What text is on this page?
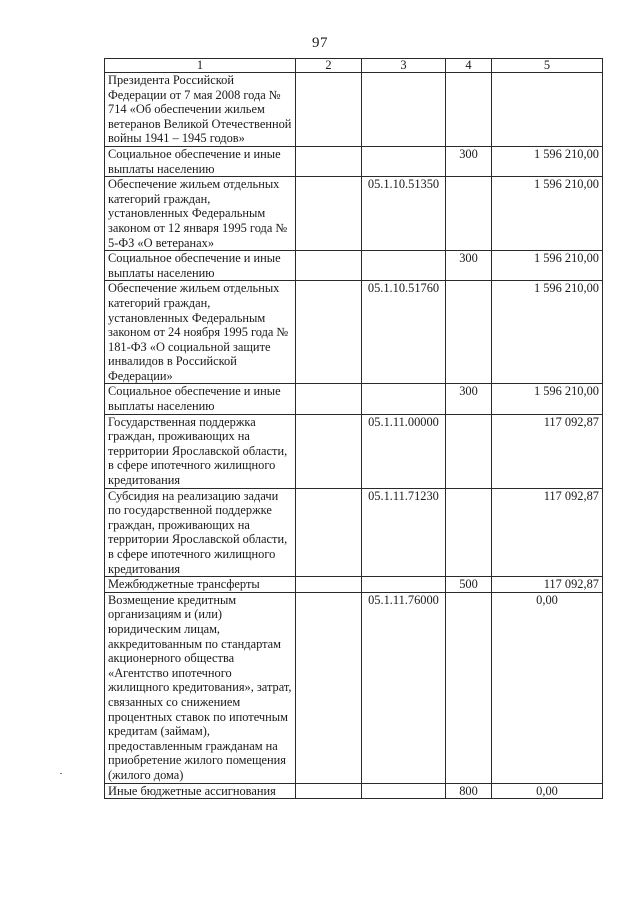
97
1	2	3	4	5
Президента Российской Федерации от 7 мая 2008 года № 714 «Об обеспечении жильем ветеранов Великой Отечественной войны 1941 – 1945 годов»				
Социальное обеспечение и иные выплаты населению			300	1 596 210,00
Обеспечение жильем отдельных категорий граждан, установленных Федеральным законом от 12 января 1995 года № 5-ФЗ «О ветеранах»		05.1.10.51350		1 596 210,00
Социальное обеспечение и иные выплаты населению			300	1 596 210,00
Обеспечение жильем отдельных категорий граждан, установленных Федеральным законом от 24 ноября 1995 года № 181-ФЗ «О социальной защите инвалидов в Российской Федерации»		05.1.10.51760		1 596 210,00
Социальное обеспечение и иные выплаты населению			300	1 596 210,00
Государственная поддержка граждан, проживающих на территории Ярославской области, в сфере ипотечного жилищного кредитования		05.1.11.00000		117 092,87
Субсидия на реализацию задачи по государственной поддержке граждан, проживающих на территории Ярославской области, в сфере ипотечного жилищного кредитования		05.1.11.71230		117 092,87
Межбюджетные трансферты			500	117 092,87
Возмещение кредитным организациям и (или) юридическим лицам, аккредитованным по стандартам акционерного общества «Агентство ипотечного жилищного кредитования», затрат, связанных со снижением процентных ставок по ипотечным кредитам (займам), предоставленным гражданам на приобретение жилого помещения (жилого дома)		05.1.11.76000		0,00
Иные бюджетные ассигнования			800	0,00
